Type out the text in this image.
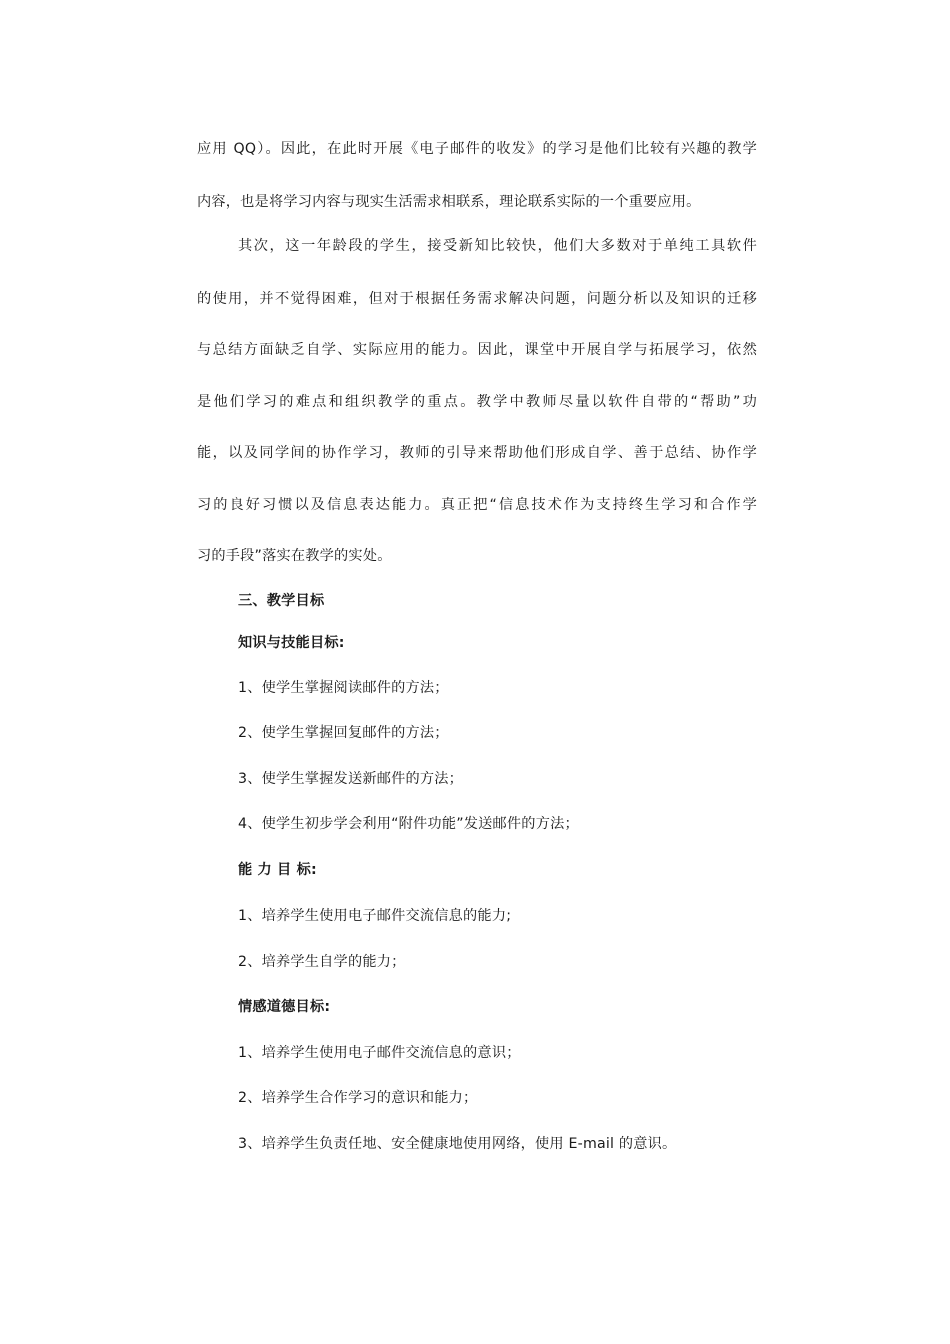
应用 QQ）。因此，在此时开展《电子邮件的收发》的学习是他们比较有兴趣的教学
内容，也是将学习内容与现实生活需求相联系，理论联系实际的一个重要应用。
其次，这一年龄段的学生，接受新知比较快，他们大多数对于单纯工具软件
的使用，并不觉得困难，但对于根据任务需求解决问题，问题分析以及知识的迁移
与总结方面缺乏自学、实际应用的能力。因此，课堂中开展自学与拓展学习，依然
是他们学习的难点和组织教学的重点。教学中教师尽量以软件自带的“帮助”功
能，以及同学间的协作学习，教师的引导来帮助他们形成自学、善于总结、协作学
习的良好习惯以及信息表达能力。真正把“信息技术作为支持终生学习和合作学
习的手段”落实在教学的实处。
三、教学目标
知识与技能目标:
1、使学生掌握阅读邮件的方法；
2、使学生掌握回复邮件的方法；
3、使学生掌握发送新邮件的方法；
4、使学生初步学会利用“附件功能”发送邮件的方法；
能 力 目 标:
1、培养学生使用电子邮件交流信息的能力;
2、培养学生自学的能力；
情感道德目标:
1、培养学生使用电子邮件交流信息的意识；
2、培养学生合作学习的意识和能力；
3、培养学生负责任地、安全健康地使用网络，使用 E-mail 的意识。
